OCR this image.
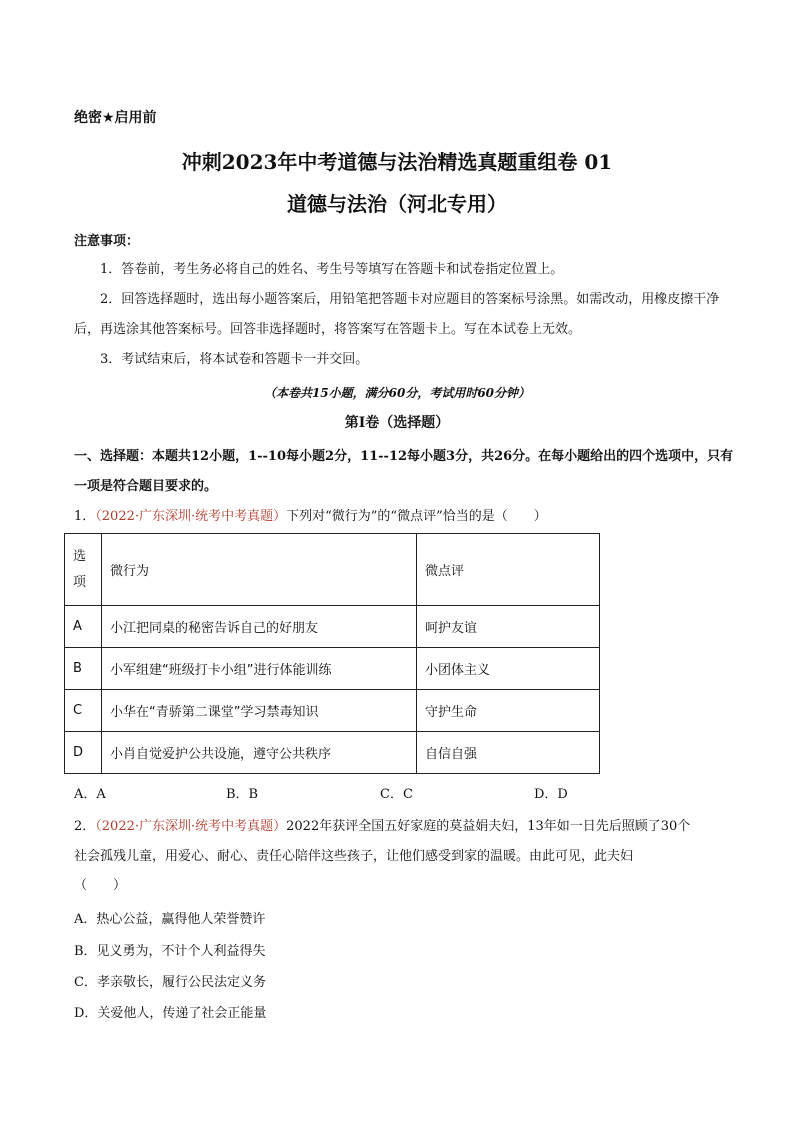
绝密★启用前
冲刺2023年中考道德与法治精选真题重组卷 01
道德与法治（河北专用）
注意事项：
1．答卷前，考生务必将自己的姓名、考生号等填写在答题卡和试卷指定位置上。
2．回答选择题时，选出每小题答案后，用铅笔把答题卡对应题目的答案标号涂黑。如需改动，用橡皮擦干净后，再选涂其他答案标号。回答非选择题时，将答案写在答题卡上。写在本试卷上无效。
3．考试结束后，将本试卷和答题卡一并交回。
（本卷共15小题，满分60分，考试用时60分钟）
第Ⅰ卷（选择题）
一、选择题：本题共12小题，1--10每小题2分，11--12每小题3分，共26分。在每小题给出的四个选项中，只有一项是符合题目要求的。
1．（2022·广东深圳·统考中考真题）下列对“微行为”的“微点评”恰当的是（　　）
选项	微行为	微点评
A	小江把同桌的秘密告诉自己的好朋友	呵护友谊
B	小军组建“班级打卡小组”进行体能训练	小团体主义
C	小华在“青骄第二课堂”学习禁毒知识	守护生命
D	小肖自觉爱护公共设施，遵守公共秩序	自信自强
A．A	B．B	C．C	D．D
2．（2022·广东深圳·统考中考真题）2022年获评全国五好家庭的莫益娟夫妇，13年如一日先后照顾了30个
社会孤残儿童，用爱心、耐心、责任心陪伴这些孩子，让他们感受到家的温暖。由此可见，此夫妇
（　　）
A．热心公益，赢得他人荣誉赞许
B．见义勇为，不计个人利益得失
C．孝亲敬长，履行公民法定义务
D．关爱他人，传递了社会正能量
